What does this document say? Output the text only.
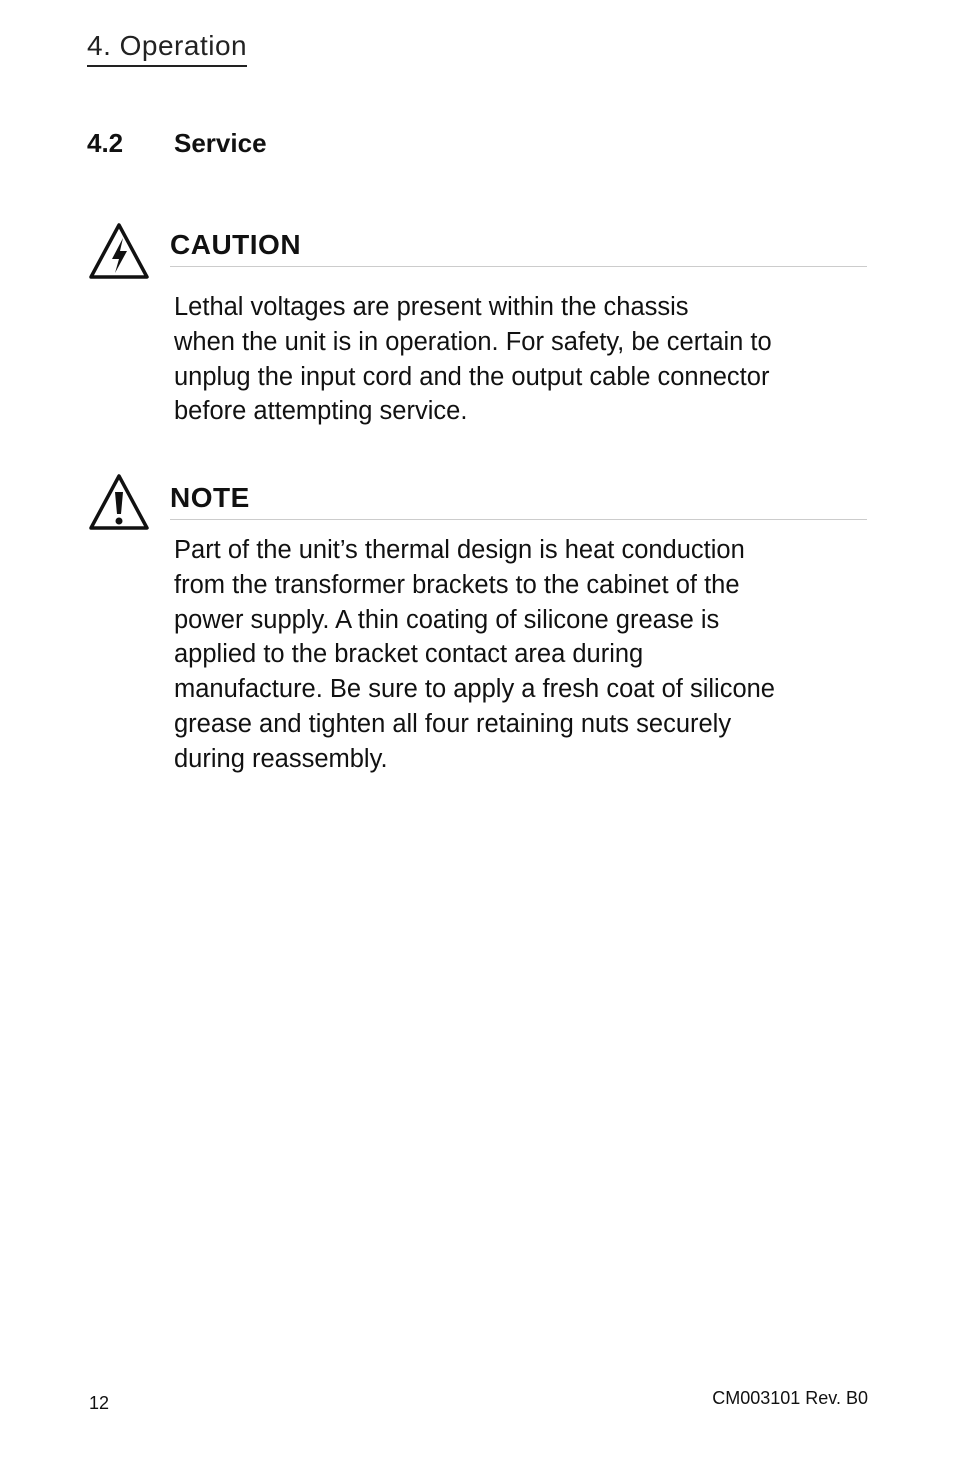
4. Operation
4.2 Service
CAUTION
Lethal voltages are present within the chassis
when the unit is in operation. For safety, be certain to
unplug the input cord and the output cable connector
before attempting service.
NOTE
Part of the unit’s thermal design is heat conduction
from the transformer brackets to the cabinet of the
power supply. A thin coating of silicone grease is
applied to the bracket contact area during
manufacture. Be sure to apply a fresh coat of silicone
grease and tighten all four retaining nuts securely
during reassembly.
12	CM003101 Rev. B0
